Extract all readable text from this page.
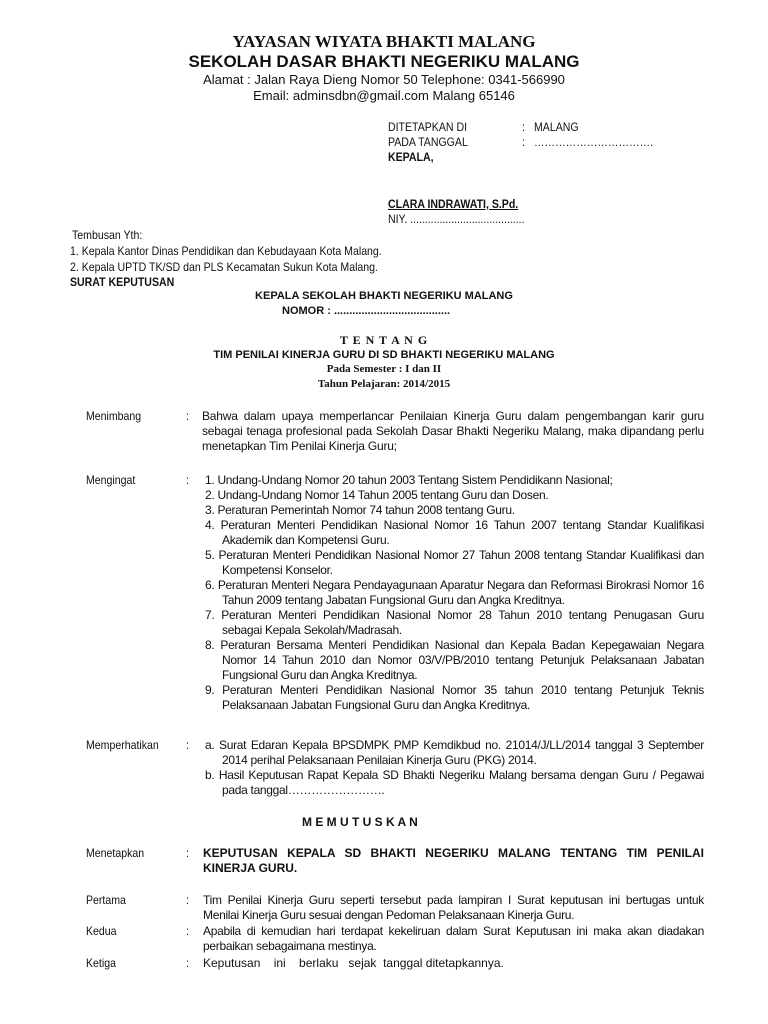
YAYASAN WIYATA BHAKTI MALANG
SEKOLAH DASAR BHAKTI NEGERIKU MALANG
Alamat : Jalan Raya Dieng Nomor 50 Telephone: 0341-566990
Email: adminsdbn@gmail.com Malang 65146
DITETAPKAN DI	: MALANG
PADA TANGGAL	: …………………………….
KEPALA,
CLARA INDRAWATI, S.Pd.
NIY. .......................................
Tembusan Yth:
1. Kepala Kantor Dinas Pendidikan dan Kebudayaan Kota Malang.
2. Kepala UPTD TK/SD dan PLS Kecamatan Sukun Kota Malang.
SURAT KEPUTUSAN
KEPALA SEKOLAH BHAKTI NEGERIKU MALANG
NOMOR : ......................................
T E N T A N G
TIM PENILAI KINERJA GURU DI SD BHAKTI NEGERIKU MALANG
Pada Semester : I dan II
Tahun Pelajaran: 2014/2015
Menimbang	: Bahwa dalam upaya memperlancar Penilaian Kinerja Guru dalam pengembangan karir guru sebagai tenaga profesional pada Sekolah Dasar Bhakti Negeriku Malang, maka dipandang perlu menetapkan Tim Penilai Kinerja Guru;
Mengingat	: 1. Undang-Undang Nomor 20 tahun 2003 Tentang Sistem Pendidikann Nasional;
2. Undang-Undang Nomor 14 Tahun 2005 tentang Guru dan Dosen.
3. Peraturan Pemerintah Nomor 74 tahun 2008 tentang Guru.
4. Peraturan Menteri Pendidikan Nasional Nomor 16 Tahun 2007 tentang Standar Kualifikasi Akademik dan Kompetensi Guru.
5. Peraturan Menteri Pendidikan Nasional Nomor 27 Tahun 2008 tentang Standar Kualifikasi dan Kompetensi Konselor.
6. Peraturan Menteri Negara Pendayagunaan Aparatur Negara dan Reformasi Birokrasi Nomor 16 Tahun 2009 tentang Jabatan Fungsional Guru dan Angka Kreditnya.
7. Peraturan Menteri Pendidikan Nasional Nomor 28 Tahun 2010 tentang Penugasan Guru sebagai Kepala Sekolah/Madrasah.
8. Peraturan Bersama Menteri Pendidikan Nasional dan Kepala Badan Kepegawaian Negara Nomor 14 Tahun 2010 dan Nomor 03/V/PB/2010 tentang Petunjuk Pelaksanaan Jabatan Fungsional Guru dan Angka Kreditnya.
9. Peraturan Menteri Pendidikan Nasional Nomor 35 tahun 2010 tentang Petunjuk Teknis Pelaksanaan Jabatan Fungsional Guru dan Angka Kreditnya.
Memperhatikan : a. Surat Edaran Kepala BPSDMPK PMP Kemdikbud no. 21014/J/LL/2014 tanggal 3 September 2014 perihal Pelaksanaan Penilaian Kinerja Guru (PKG) 2014.
b. Hasil Keputusan Rapat Kepala SD Bhakti Negeriku Malang bersama dengan Guru / Pegawai pada tanggal…………………….
M E M U T U S K A N
Menetapkan	: KEPUTUSAN KEPALA SD BHAKTI NEGERIKU MALANG TENTANG TIM PENILAI KINERJA GURU.
Pertama	: Tim Penilai Kinerja Guru seperti tersebut pada lampiran I Surat keputusan ini bertugas untuk Menilai Kinerja Guru sesuai dengan Pedoman Pelaksanaan Kinerja Guru.
Kedua	: Apabila di kemudian hari terdapat kekeliruan dalam Surat Keputusan ini maka akan diadakan perbaikan sebagaimana mestinya.
Ketiga	: Keputusan    ini    berlaku   sejak  tanggal ditetapkannya.
